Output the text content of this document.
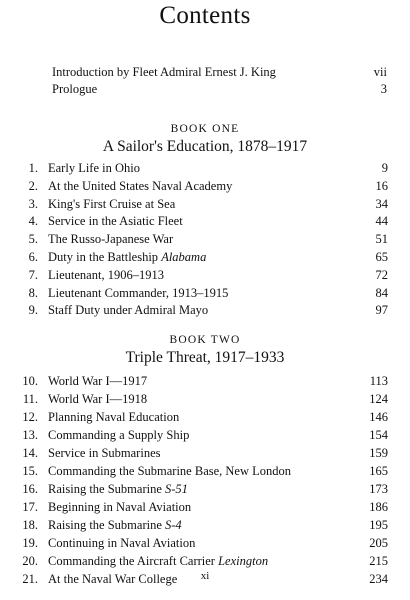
Contents
Introduction by Fleet Admiral Ernest J. King	vii
Prologue	3
BOOK ONE
A Sailor's Education, 1878–1917
1. Early Life in Ohio	9
2. At the United States Naval Academy	16
3. King's First Cruise at Sea	34
4. Service in the Asiatic Fleet	44
5. The Russo-Japanese War	51
6. Duty in the Battleship Alabama	65
7. Lieutenant, 1906–1913	72
8. Lieutenant Commander, 1913–1915	84
9. Staff Duty under Admiral Mayo	97
BOOK TWO
Triple Threat, 1917–1933
10. World War I—1917	113
11. World War I—1918	124
12. Planning Naval Education	146
13. Commanding a Supply Ship	154
14. Service in Submarines	159
15. Commanding the Submarine Base, New London	165
16. Raising the Submarine S-51	173
17. Beginning in Naval Aviation	186
18. Raising the Submarine S-4	195
19. Continuing in Naval Aviation	205
20. Commanding the Aircraft Carrier Lexington	215
21. At the Naval War College	234
xi
